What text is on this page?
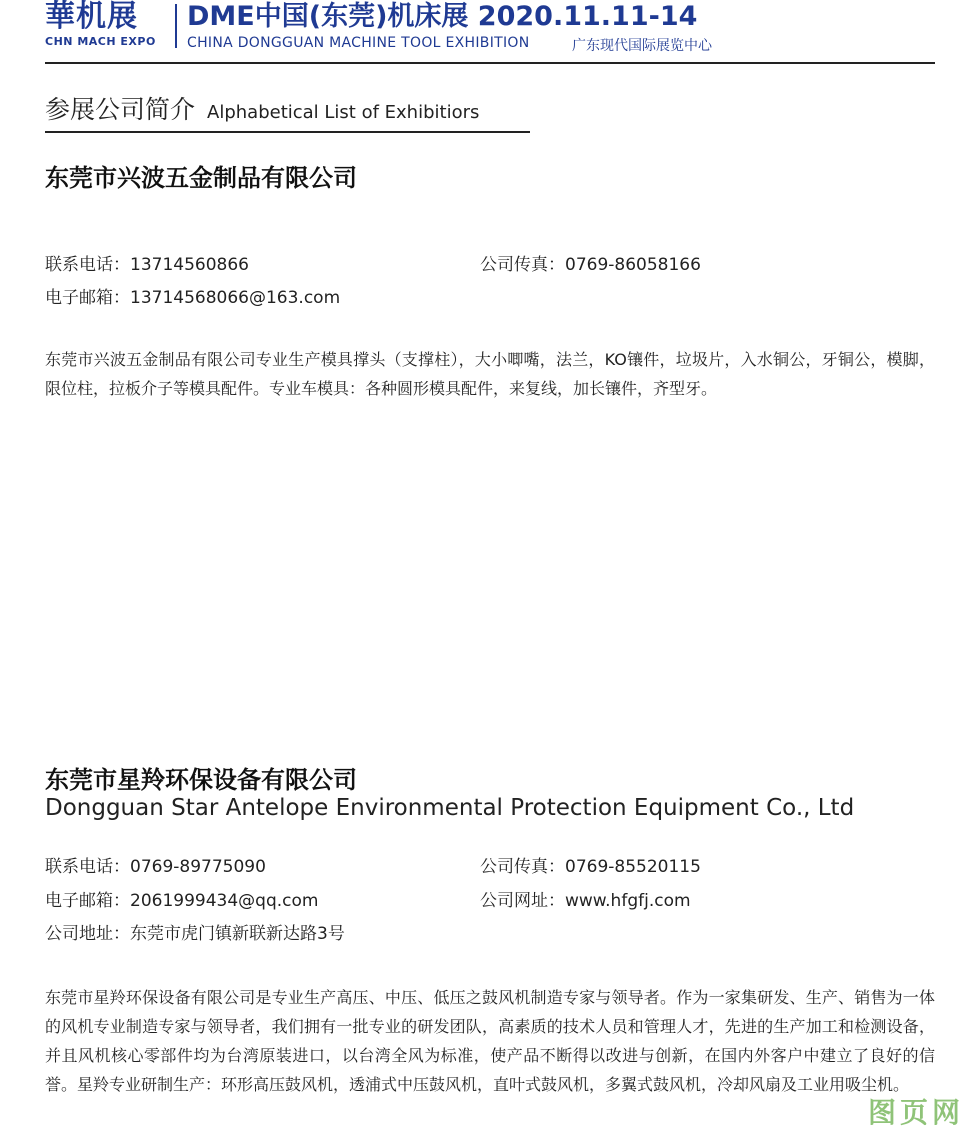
華机展
CHN MACH EXPO
DME中国(东莞)机床展 2020.11.11-14
CHINA DONGGUAN MACHINE TOOL EXHIBITION	广东现代国际展览中心
参展公司简介 Alphabetical List of Exhibitiors
东莞市兴波五金制品有限公司
联系电话：13714560866	公司传真：0769-86058166
电子邮箱：13714568066@163.com
东莞市兴波五金制品有限公司专业生产模具撑头（支撑柱），大小唧嘴，法兰，KO镶件，垃圾片，入水铜公，牙铜公，模脚，限位柱，拉板介子等模具配件。专业车模具：各种圆形模具配件，来复线，加长镶件，齐型牙。
东莞市星羚环保设备有限公司
Dongguan Star Antelope Environmental Protection Equipment Co., Ltd
联系电话：0769-89775090	公司传真：0769-85520115
电子邮箱：2061999434@qq.com	公司网址：www.hfgfj.com
公司地址：东莞市虎门镇新联新达路3号
东莞市星羚环保设备有限公司是专业生产高压、中压、低压之鼓风机制造专家与领导者。作为一家集研发、生产、销售为一体的风机专业制造专家与领导者，我们拥有一批专业的研发团队，高素质的技术人员和管理人才，先进的生产加工和检测设备，并且风机核心零部件均为台湾原装进口，以台湾全风为标准，使产品不断得以改进与创新，在国内外客户中建立了良好的信誉。星羚专业研制生产：环形高压鼓风机，透浦式中压鼓风机，直叶式鼓风机，多翼式鼓风机，冷却风扇及工业用吸尘机。
图页网
